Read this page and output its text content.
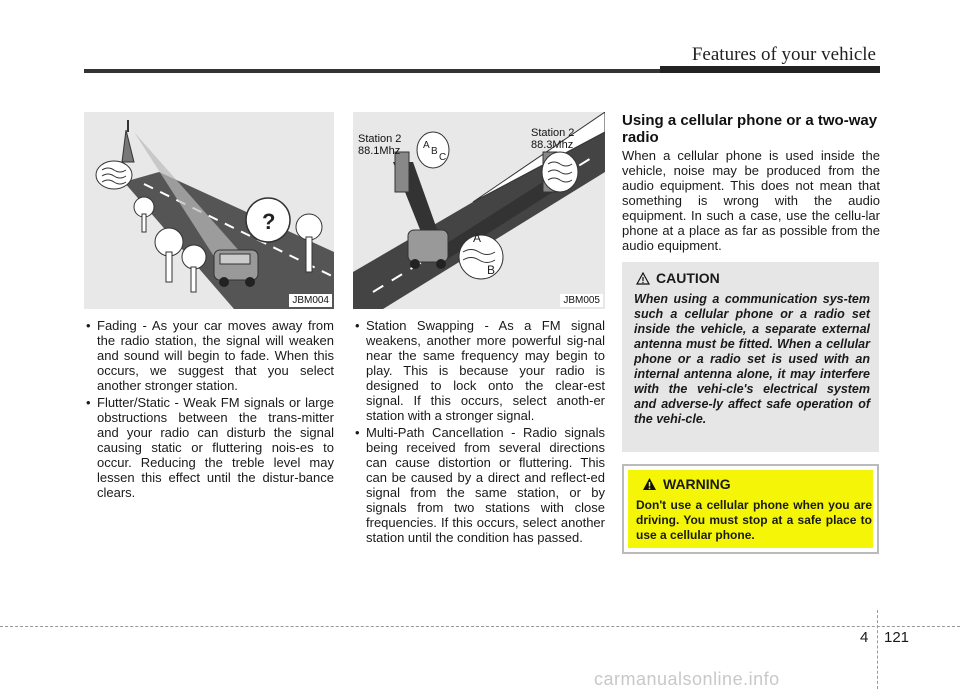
Features of your vehicle
?
JBM004
A
B
C
A
B
Station 2
88.1Mhz
Station 2
88.3Mhz
JBM005
• Fading - As your car moves away from the radio station, the signal will weaken and sound will begin to fade. When this occurs, we suggest that you select another stronger station.
• Flutter/Static - Weak FM signals or large obstructions between the trans-mitter and your radio can disturb the signal causing static or fluttering nois-es to occur. Reducing the treble level may lessen this effect until the distur-bance clears.
• Station Swapping - As a FM signal weakens, another more powerful sig-nal near the same frequency may begin to play. This is because your radio is designed to lock onto the clear-est signal. If this occurs, select anoth-er station with a stronger signal.
• Multi-Path Cancellation - Radio signals being received from several directions can cause distortion or fluttering. This can be caused by a direct and reflect-ed signal from the same station, or by signals from two stations with close frequencies. If this occurs, select another station until the condition has passed.
Using a cellular phone or a two-way radio
When a cellular phone is used inside the vehicle, noise may be produced from the audio equipment. This does not mean that something is wrong with the audio equipment. In such a case, use the cellu-lar phone at a place as far as possible from the audio equipment.
CAUTION
When using a communication sys-tem such a cellular phone or a radio set inside the vehicle, a separate external antenna must be fitted. When a cellular phone or a radio set is used with an internal antenna alone, it may interfere with the vehi-cle's electrical system and adverse-ly affect safe operation of the vehi-cle.
WARNING
Don't use a cellular phone when you are driving. You must stop at a safe place to use a cellular phone.
4 121
carmanualsonline.info
